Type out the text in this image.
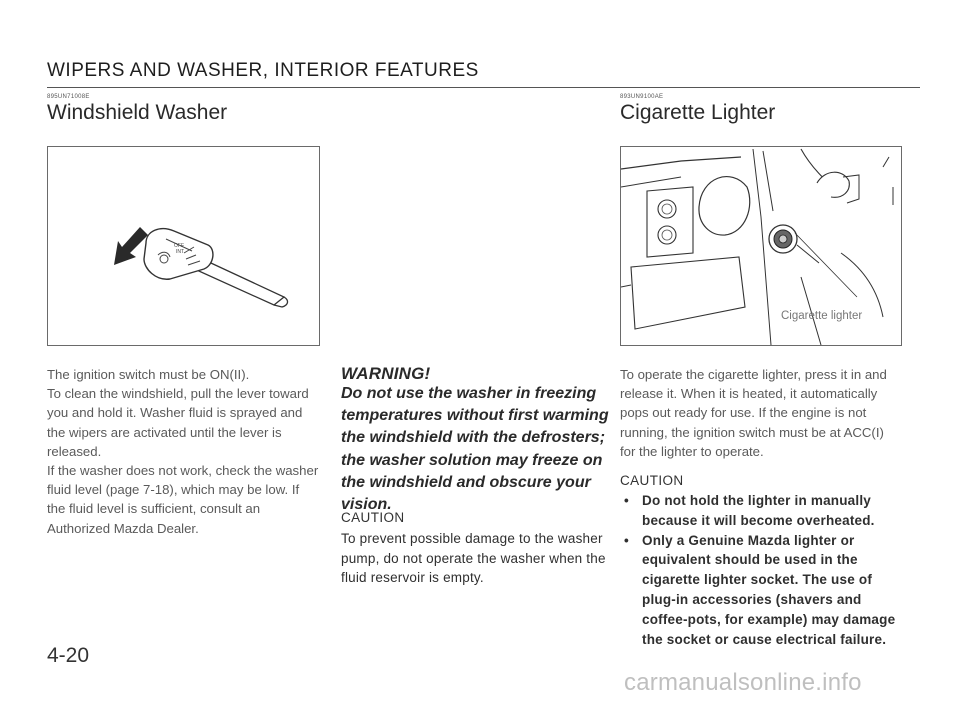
WIPERS AND WASHER, INTERIOR FEATURES
895UN71008E
Windshield Washer
OFF
INT
The ignition switch must be ON(II).
To clean the windshield, pull the lever toward you and hold it. Washer fluid is sprayed and the wipers are activated until the lever is released.
If the washer does not work, check the washer fluid level (page 7-18), which may be low. If the fluid level is sufficient, consult an Authorized Mazda Dealer.
WARNING!
Do not use the washer in freezing temperatures without first warming the windshield with the defrosters; the washer solution may freeze on the windshield and obscure your vision.
CAUTION
To prevent possible damage to the washer pump, do not operate the washer when the fluid reservoir is empty.
893UN9100AE
Cigarette Lighter
Cigarette lighter
To operate the cigarette lighter, press it in and release it. When it is heated, it automatically pops out ready for use. If the engine is not running, the ignition switch must be at ACC(I) for the lighter to operate.
CAUTION
• Do not hold the lighter in manually because it will become overheated.
• Only a Genuine Mazda lighter or equivalent should be used in the cigarette lighter socket. The use of plug-in accessories (shavers and coffee-pots, for example) may damage the socket or cause electrical failure.
4-20
carmanualsonline.info
